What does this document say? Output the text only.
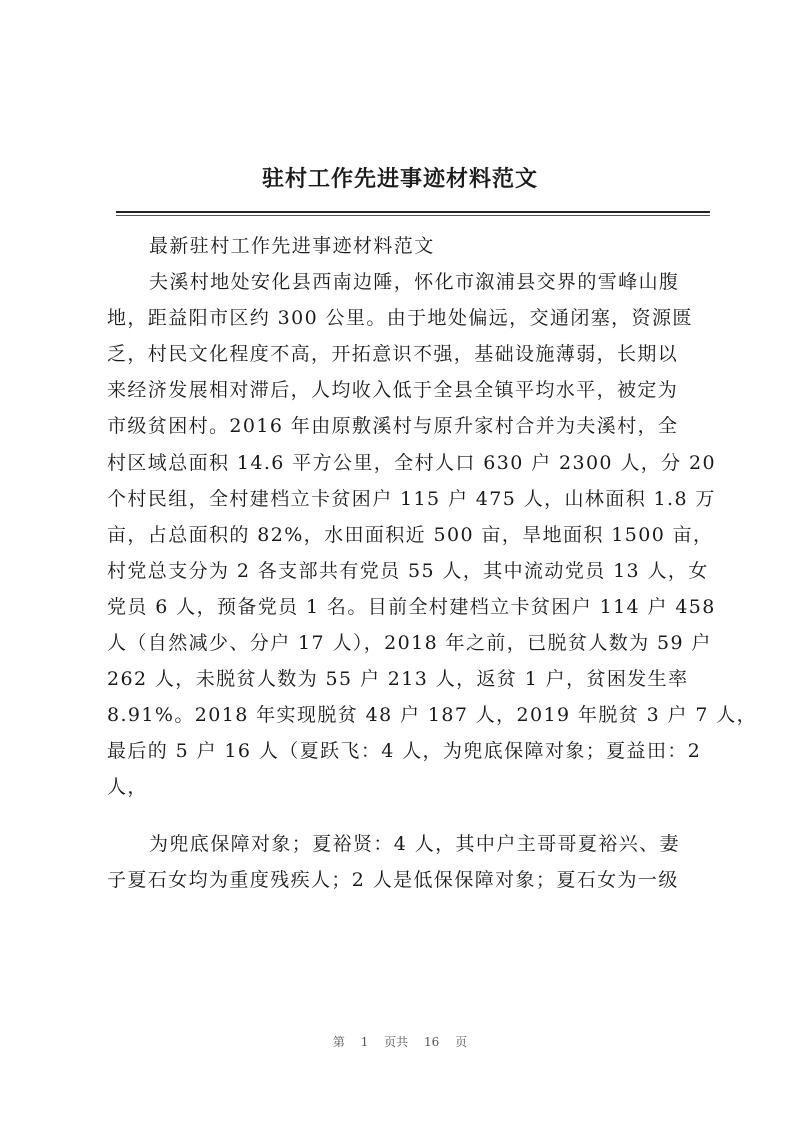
驻村工作先进事迹材料范文
最新驻村工作先进事迹材料范文
夫溪村地处安化县西南边陲，怀化市溆浦县交界的雪峰山腹
地，距益阳市区约 300 公里。由于地处偏远，交通闭塞，资源匮
乏，村民文化程度不高，开拓意识不强，基础设施薄弱，长期以
来经济发展相对滞后，人均收入低于全县全镇平均水平，被定为
市级贫困村。2016 年由原敷溪村与原升家村合并为夫溪村，全
村区域总面积 14.6 平方公里，全村人口 630 户 2300 人，分 20
个村民组，全村建档立卡贫困户 115 户 475 人，山林面积 1.8 万
亩，占总面积的 82%，水田面积近 500 亩，旱地面积 1500 亩，
村党总支分为 2 各支部共有党员 55 人，其中流动党员 13 人，女
党员 6 人，预备党员 1 名。目前全村建档立卡贫困户 114 户 458
人（自然减少、分户 17 人），2018 年之前，已脱贫人数为 59 户
262 人，未脱贫人数为 55 户 213 人，返贫 1 户，贫困发生率
8.91%。2018 年实现脱贫 48 户 187 人，2019 年脱贫 3 户 7 人，
最后的 5 户 16 人（夏跃飞：4 人，为兜底保障对象；夏益田：2
人，
为兜底保障对象；夏裕贤：4 人，其中户主哥哥夏裕兴、妻
子夏石女均为重度残疾人；2 人是低保保障对象；夏石女为一级
第 1 页共 16 页
